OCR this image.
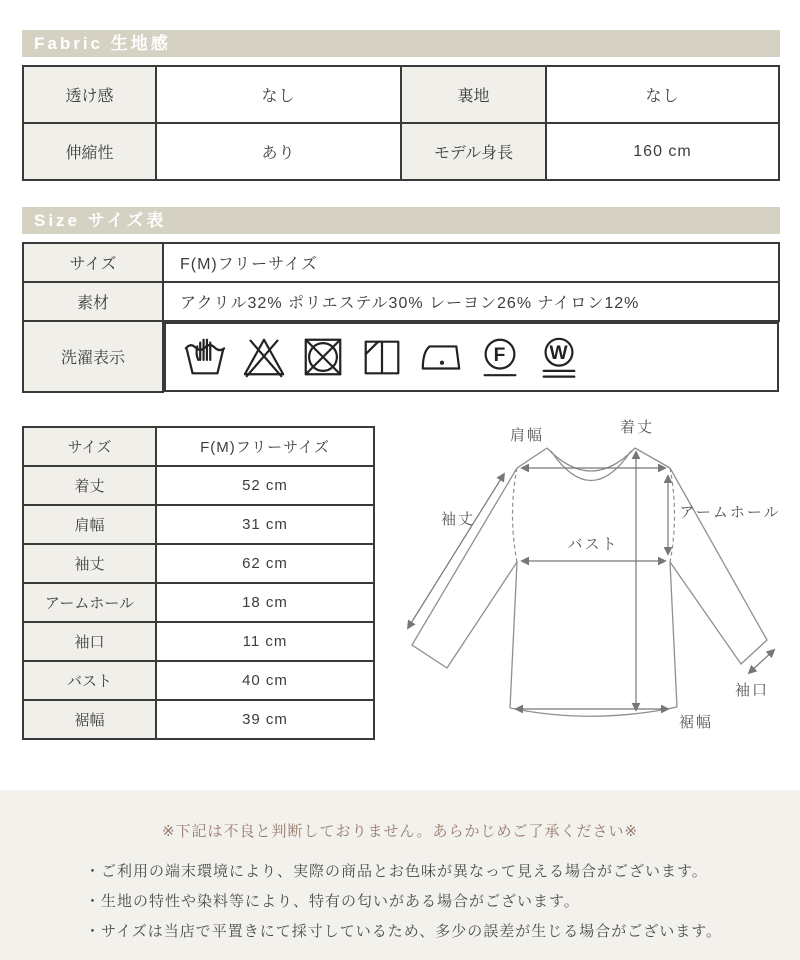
Fabric 生地感
透け感	なし	裏地	なし
伸縮性	あり	モデル身長	160 cm
Size サイズ表
サイズ	F(M)フリーサイズ
素材	アクリル32% ポリエステル30% レーヨン26% ナイロン12%
洗濯表示		F W
サイズ	F(M)フリーサイズ
着丈	52 cm
肩幅	31 cm
袖丈	62 cm
アームホール	18 cm
袖口	11 cm
バスト	40 cm
裾幅	39 cm
肩幅	着丈
袖丈
バスト
アームホール
袖口
裾幅
※下記は不良と判断しておりません。あらかじめご了承ください※
・ご利用の端末環境により、実際の商品とお色味が異なって見える場合がございます。
・生地の特性や染料等により、特有の匂いがある場合がございます。
・サイズは当店で平置きにて採寸しているため、多少の誤差が生じる場合がございます。
